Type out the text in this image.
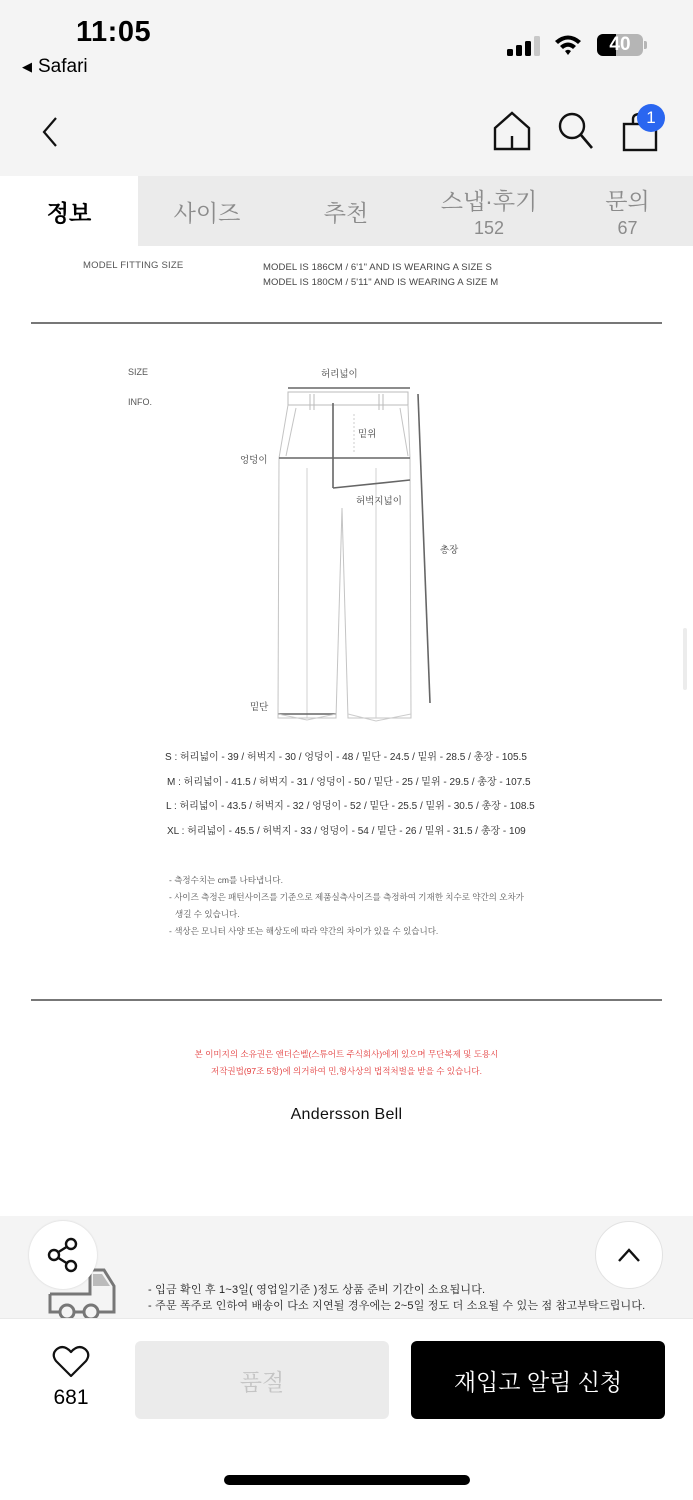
11:05
◀ Safari
40
1
정보	사이즈	추천	스냅·후기
152
문의
67
MODEL FITTING SIZE	MODEL IS 186CM / 6'1" AND IS WEARING A SIZE S
MODEL IS 180CM / 5'11" AND IS WEARING A SIZE M
SIZE
INFO.
허리넓이
밑위
엉덩이
허벅지넓이
총장
밑단
S : 허리넓이 - 39 / 허벅지 - 30 / 엉덩이 - 48 / 밑단 - 24.5 / 밑위 - 28.5 / 총장 - 105.5
M : 허리넓이 - 41.5 / 허벅지 - 31 / 엉덩이 - 50 / 밑단 - 25 / 밑위 - 29.5 / 총장 - 107.5
L : 허리넓이 - 43.5 / 허벅지 - 32 / 엉덩이 - 52 / 밑단 - 25.5 / 밑위 - 30.5 / 총장 - 108.5
XL : 허리넓이 - 45.5 / 허벅지 - 33 / 엉덩이 - 54 / 밑단 - 26 / 밑위 - 31.5 / 총장 - 109
- 측정수치는 cm를 나타냅니다.
- 사이즈 측정은 패턴사이즈를 기준으로 제품실측사이즈를 측정하여 기재한 치수로 약간의 오차가
생길 수 있습니다.
- 색상은 모니터 사양 또는 해상도에 따라 약간의 차이가 있을 수 있습니다.
본 이미지의 소유권은 앤더슨벨(스튜어트 주식회사)에게 있으며 무단복제 및 도용시
저작권법(97조 5항)에 의거하여 민,형사상의 법적처벌을 받을 수 있습니다.
Andersson Bell
- 입금 확인 후 1~3일( 영업일기준 )정도 상품 준비 기간이 소요됩니다.
- 주문 폭주로 인하여 배송이 다소 지연될 경우에는 2~5일 정도 더 소요될 수 있는 점 참고부탁드립니다.
681
품절	재입고 알림 신청
